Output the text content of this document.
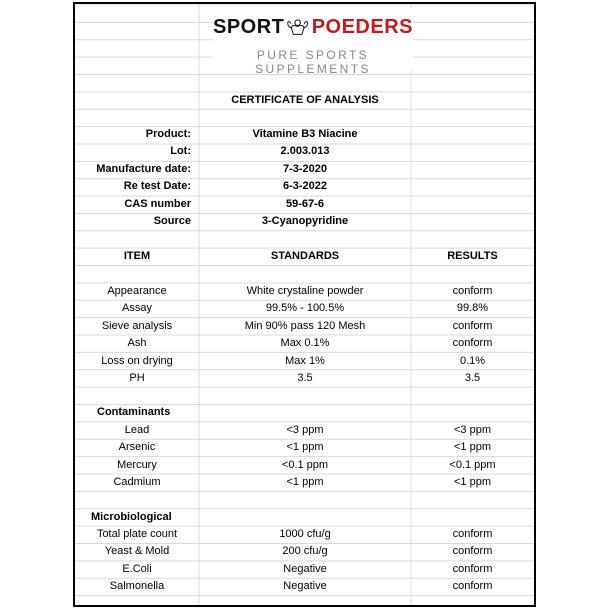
SPORT POEDERS
PURE SPORTS SUPPLEMENTS
CERTIFICATE OF ANALYSIS
Product:	Vitamine B3 Niacine
Lot:	2.003.013
Manufacture date:	7-3-2020
Re test Date:	6-3-2022
CAS number	59-67-6
Source	3-Cyanopyridine
ITEM	STANDARDS	RESULTS
Appearance	White crystaline powder	conform
Assay	99.5% - 100.5%	99.8%
Sieve analysis	Min 90% pass 120 Mesh	conform
Ash	Max 0.1%	conform
Loss on drying	Max 1%	0.1%
PH	3.5	3.5
Contaminants
Lead	<3 ppm	<3 ppm
Arsenic	<1 ppm	<1 ppm
Mercury	<0.1 ppm	<0.1 ppm
Cadmium	<1 ppm	<1 ppm
Microbiological
Total plate count	1000 cfu/g	conform
Yeast & Mold	200 cfu/g	conform
E.Coli	Negative	conform
Salmonella	Negative	conform
